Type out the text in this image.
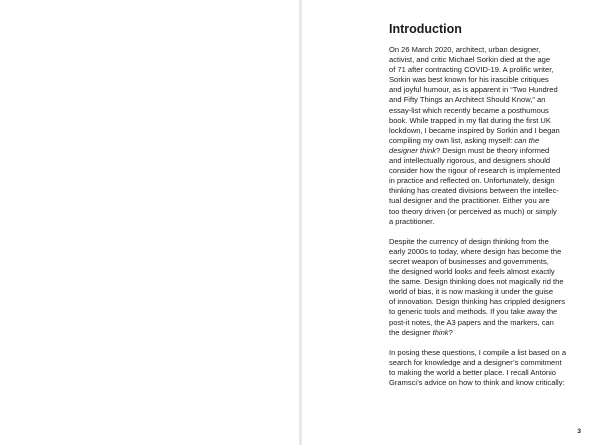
Introduction

On 26 March 2020, architect, urban designer,
activist, and critic Michael Sorkin died at the age
of 71 after contracting COVID-19. A prolific writer,
Sorkin was best known for his irascible critiques
and joyful humour, as is apparent in “Two Hundred
and Fifty Things an Architect Should Know,” an
essay-list which recently became a posthumous
book. While trapped in my flat during the first UK
lockdown, I became inspired by Sorkin and I began
compiling my own list, asking myself: can the
designer think? Design must be theory informed
and intellectually rigorous, and designers should
consider how the rigour of research is implemented
in practice and reflected on. Unfortunately, design
thinking has created divisions between the intellec-
tual designer and the practitioner. Either you are
too theory driven (or perceived as much) or simply
a practitioner.

Despite the currency of design thinking from the
early 2000s to today, where design has become the
secret weapon of businesses and governments,
the designed world looks and feels almost exactly
the same. Design thinking does not magically rid the
world of bias, it is now masking it under the guise
of innovation. Design thinking has crippled designers
to generic tools and methods. If you take away the
post-it notes, the A3 papers and the markers, can
the designer think?

In posing these questions, I compile a list based on a
search for knowledge and a designer’s commitment
to making the world a better place. I recall Antonio
Gramsci’s advice on how to think and know critically:

3
